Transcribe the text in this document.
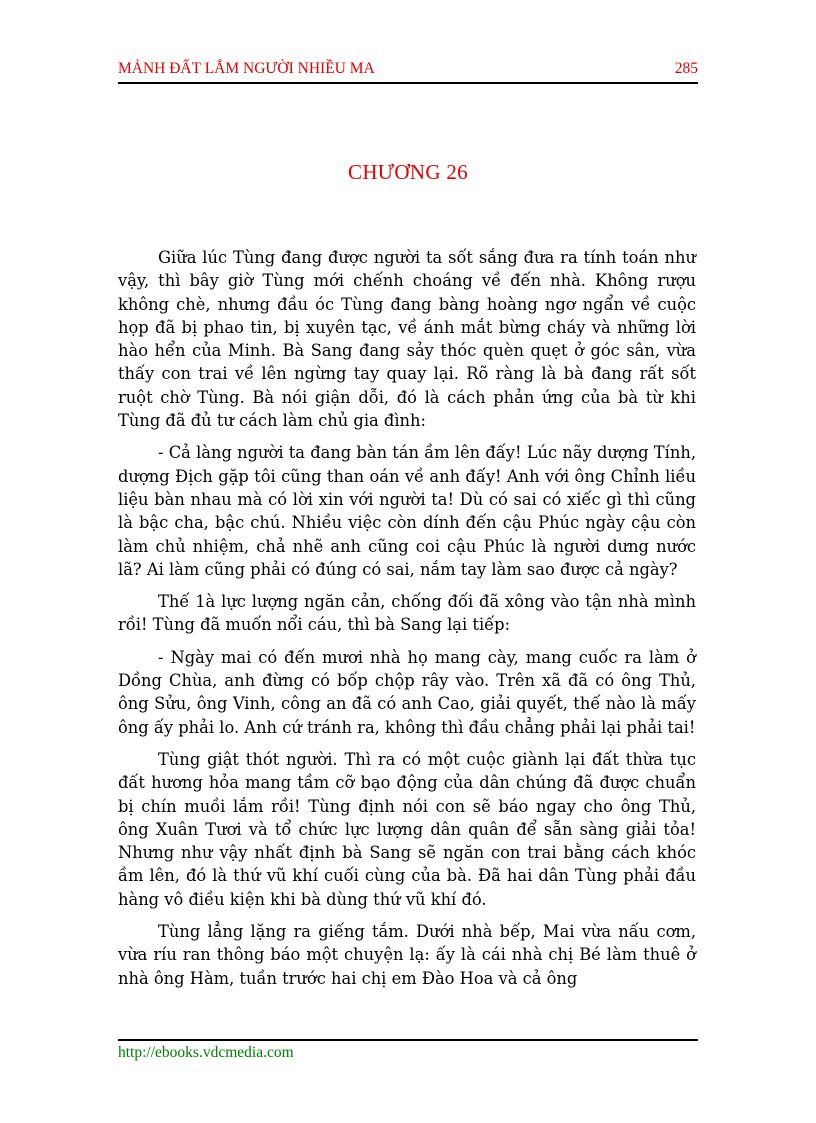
MẢNH ĐẤT LẮM NGƯỜI NHIỀU MA	285
CHƯƠNG 26

Giữa lúc Tùng đang được người ta sốt sắng đưa ra tính toán như vậy, thì bây giờ Tùng mới chếnh choáng về đến nhà. Không rượu không chè, nhưng đầu óc Tùng đang bàng hoàng ngơ ngẩn về cuộc họp đã bị phao tin, bị xuyên tạc, về ánh mắt bừng cháy và những lời hào hển của Minh. Bà Sang đang sảy thóc quèn quẹt ở góc sân, vừa thấy con trai về lên ngừng tay quay lại. Rõ ràng là bà đang rất sốt ruột chờ Tùng. Bà nói giận dỗi, đó là cách phản ứng của bà từ khi Tùng đã đủ tư cách làm chủ gia đình:

- Cả làng người ta đang bàn tán ầm lên đấy! Lúc nãy dượng Tính, dượng Địch gặp tôi cũng than oán về anh đấy! Anh với ông Chỉnh liều liệu bàn nhau mà có lời xin với người ta! Dù có sai có xiếc gì thì cũng là bậc cha, bậc chú. Nhiều việc còn dính đến cậu Phúc ngày cậu còn làm chủ nhiệm, chả nhẽ anh cũng coi cậu Phúc là người dưng nước lã? Ai làm cũng phải có đúng có sai, nắm tay làm sao được cả ngày?

Thế 1à lực lượng ngăn cản, chống đối đã xông vào tận nhà mình rồi! Tùng đã muốn nổi cáu, thì bà Sang lại tiếp:

- Ngày mai có đến mươi nhà họ mang cày, mang cuốc ra làm ở Dồng Chùa, anh đừng có bốp chộp rây vào. Trên xã đã có ông Thủ, ông Sửu, ông Vinh, công an đã có anh Cao, giải quyết, thế nào là mấy ông ấy phải lo. Anh cứ tránh ra, không thì đầu chẳng phải lại phải tai!

Tùng giật thót người. Thì ra có một cuộc giành lại đất thừa tục đất hương hỏa mang tầm cỡ bạo động của dân chúng đã được chuẩn bị chín muồi lắm rồi! Tùng định nói con sẽ báo ngay cho ông Thủ, ông Xuân Tươi và tổ chức lực lượng dân quân để sẵn sàng giải tỏa! Nhưng như vậy nhất định bà Sang sẽ ngăn con trai bằng cách khóc ầm lên, đó là thứ vũ khí cuối cùng của bà. Đã hai dân Tùng phải đầu hàng vô điều kiện khi bà dùng thứ vũ khí đó.

Tùng lẳng lặng ra giếng tắm. Dưới nhà bếp, Mai vừa nấu cơm, vừa ríu ran thông báo một chuyện lạ: ấy là cái nhà chị Bé làm thuê ở nhà ông Hàm, tuần trước hai chị em Đào Hoa và cả ông

http://ebooks.vdcmedia.com
